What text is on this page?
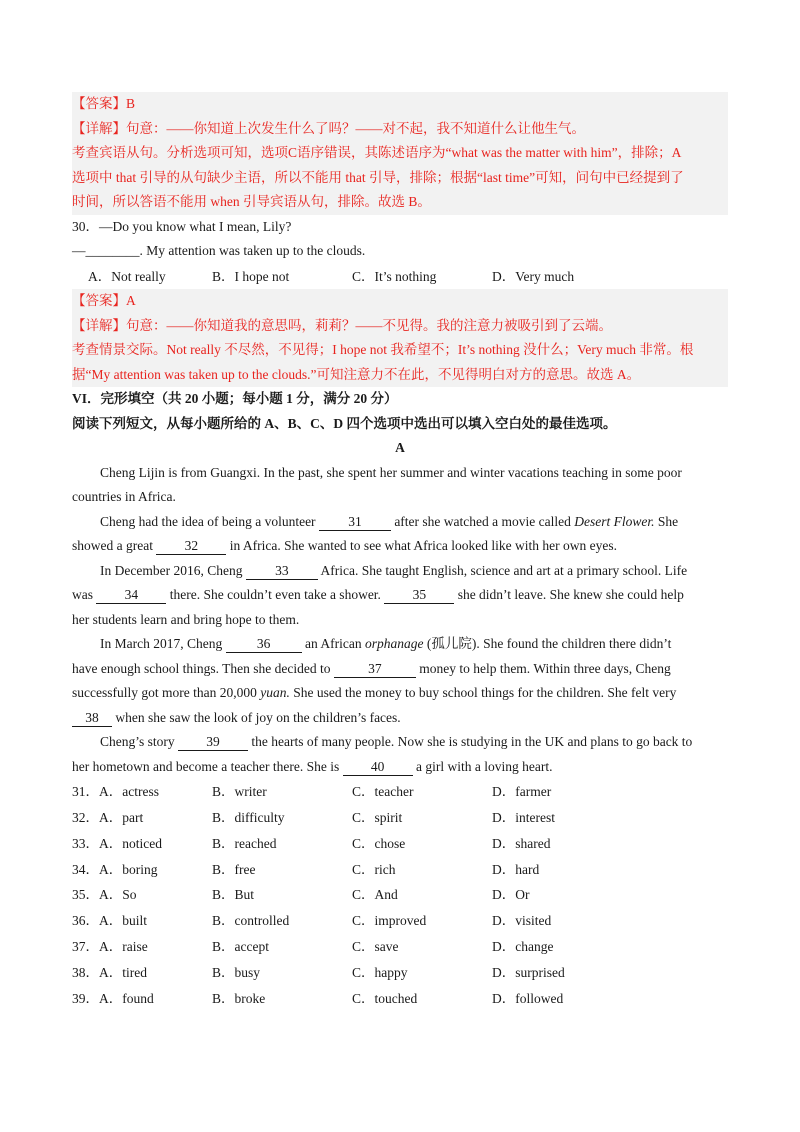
【答案】B
【详解】句意：——你知道上次发生什么了吗？——对不起，我不知道什么让他生气。
考查宾语从句。分析选项可知，选项C语序错误，其陈述语序为“what was the matter with him”，排除；A
选项中 that 引导的从句缺少主语，所以不能用 that 引导，排除；根据“last time”可知，问句中已经提到了
时间，所以答语不能用 when 引导宾语从句，排除。故选 B。
30．—Do you know what I mean, Lily?
—________. My attention was taken up to the clouds.
A．Not really	B．I hope not	C．It’s nothing	D．Very much
【答案】A
【详解】句意：——你知道我的意思吗，莉莉？——不见得。我的注意力被吸引到了云端。
考查情景交际。Not really 不尽然，不见得；I hope not 我希望不；It’s nothing 没什么；Very much 非常。根
据“My attention was taken up to the clouds.”可知注意力不在此，不见得明白对方的意思。故选 A。
VI．完形填空（共 20 小题；每小题 1 分，满分 20 分）
阅读下列短文，从每小题所给的 A、B、C、D 四个选项中选出可以填入空白处的最佳选项。
A
Cheng Lijin is from Guangxi. In the past, she spent her summer and winter vacations teaching in some poor
countries in Africa.
Cheng had the idea of being a volunteer 31 after she watched a movie called Desert Flower. She
showed a great 32 in Africa. She wanted to see what Africa looked like with her own eyes.
In December 2016, Cheng 33 Africa. She taught English, science and art at a primary school. Life
was 34 there. She couldn’t even take a shower. 35 she didn’t leave. She knew she could help
her students learn and bring hope to them.
In March 2017, Cheng	36	an African orphanage (孤儿院). She found the children there didn’t
have enough school things. Then she decided to	37	money to help them. Within three days, Cheng
successfully got more than 20,000 yuan. She used the money to buy school things for the children. She felt very
38 when she saw the look of joy on the children’s faces.
Cheng’s story 39 the hearts of many people. Now she is studying in the UK and plans to go back to
her hometown and become a teacher there. She is 40 a girl with a loving heart.
31．A．actress	B．writer	C．teacher	D．farmer
32．A．part	B．difficulty	C．spirit	D．interest
33．A．noticed	B．reached	C．chose	D．shared
34．A．boring	B．free	C．rich	D．hard
35．A．So	B．But	C．And	D．Or
36．A．built	B．controlled	C．improved	D．visited
37．A．raise	B．accept	C．save	D．change
38．A．tired	B．busy	C．happy	D．surprised
39．A．found	B．broke	C．touched	D．followed
